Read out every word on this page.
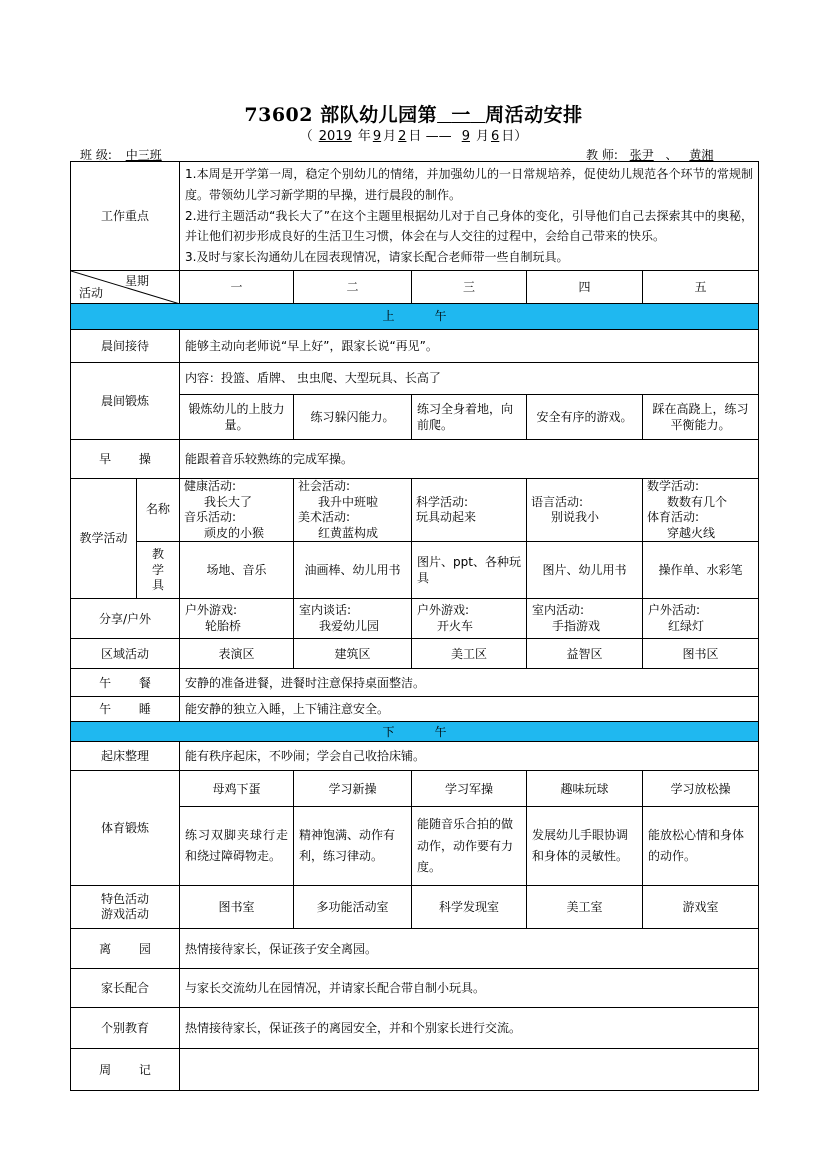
73602 部队幼儿园第 一 周活动安排
（ 2019 年 9 月 2 日 —— 9 月 6 日）
班 级: 中三班	教 师: 张尹 、 黄湘
工作重点		1.本周是开学第一周，稳定个别幼儿的情绪，并加强幼儿的一日常规培养，促使幼儿规范各个环节的常规制度。带领幼儿学习新学期的早操，进行晨段的制作。
2.进行主题活动“我长大了”在这个主题里根据幼儿对于自己身体的变化，引导他们自己去探索其中的奥秘，并让他们初步形成良好的生活卫生习惯，体会在与人交往的过程中，会给自己带来的快乐。
3.及时与家长沟通幼儿在园表现情况，请家长配合老师带一些自制玩具。				

星期
活动		一	二	三	四	五
上午						
晨间接待		能够主动向老师说“早上好”，跟家长说“再见”。				
晨间锻炼		内容：投篮、盾牌、 虫虫爬、大型玩具、长高了				
		锻炼幼儿的上肢力量。	练习躲闪能力。	练习全身着地，向前爬。	安全有序的游戏。	踩在高跷上，练习平衡能力。
早 操		能跟着音乐较熟练的完成军操。				
教学活动	名称	健康活动:
我长大了
音乐活动:
顽皮的小猴	社会活动:
我升中班啦
美术活动:
红黄蓝构成	科学活动:
玩具动起来	语言活动:
别说我小	数学活动:
数数有几个
体育活动:
穿越火线

	教学具	场地、音乐	油画棒、幼儿用书	图片、ppt、各种玩具	图片、幼儿用书	操作单、水彩笔
分享/户外		户外游戏:
轮胎桥	室内谈话:
我爱幼儿园	户外游戏:
开火车	室内活动:
手指游戏	户外活动:
红绿灯

区域活动		表演区	建筑区	美工区	益智区	图书区
午 餐		安静的准备进餐，进餐时注意保持桌面整洁。				
午 睡		能安静的独立入睡，上下铺注意安全。				
下午						
起床整理		能有秩序起床，不吵闹；学会自己收拾床铺。				
体育锻炼		母鸡下蛋	学习新操	学习军操	趣味玩球	学习放松操
		练习双脚夹球行走和绕过障碍物走。	精神饱满、动作有利，练习律动。	能随音乐合拍的做动作，动作要有力度。	发展幼儿手眼协调和身体的灵敏性。	能放松心情和身体的动作。

特色活动
游戏活动		图书室	多功能活动室	科学发现室	美工室	游戏室
离 园		热情接待家长，保证孩子安全离园。				
家长配合		与家长交流幼儿在园情况，并请家长配合带自制小玩具。				
个别教育		热情接待家长，保证孩子的离园安全，并和个别家长进行交流。				
周 记						
